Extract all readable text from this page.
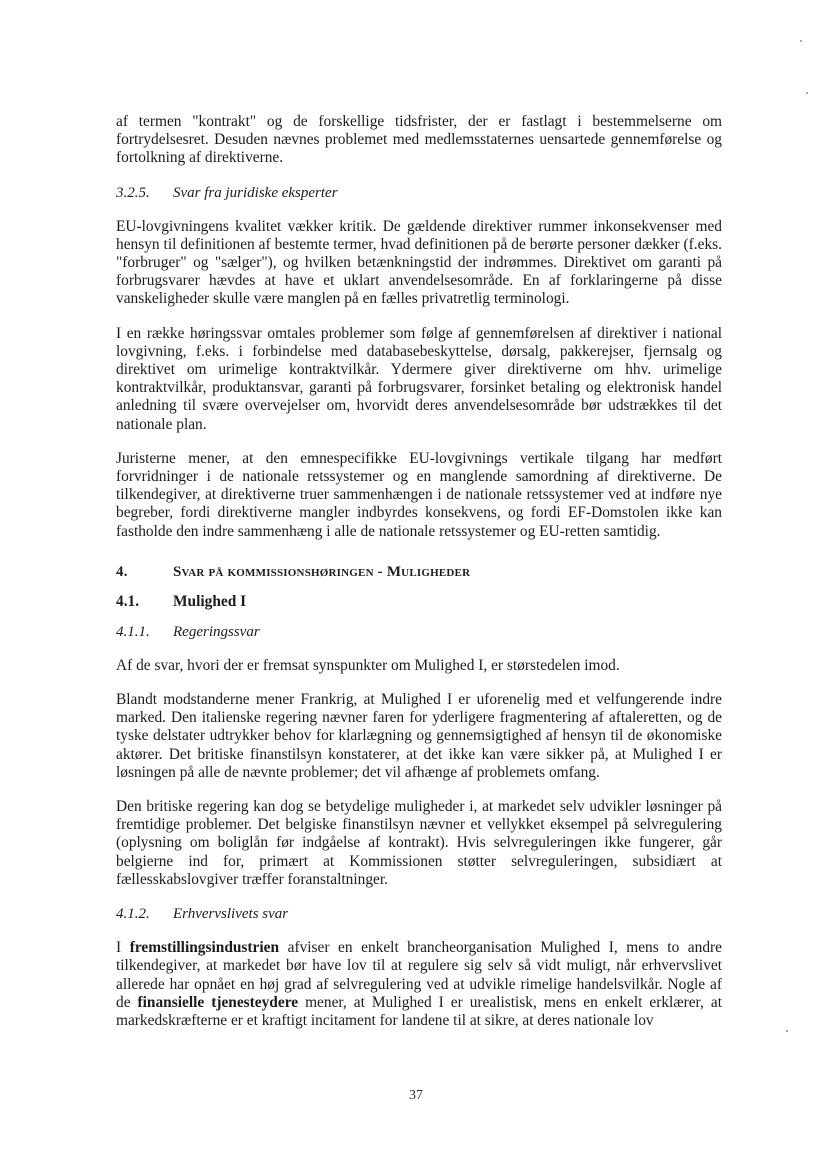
af termen "kontrakt" og de forskellige tidsfrister, der er fastlagt i bestemmelserne om fortrydelsesret. Desuden nævnes problemet med medlemsstaternes uensartede gennemførelse og fortolkning af direktiverne.

3.2.5.	Svar fra juridiske eksperter

EU-lovgivningens kvalitet vækker kritik. De gældende direktiver rummer inkonsekvenser med hensyn til definitionen af bestemte termer, hvad definitionen på de berørte personer dækker (f.eks. "forbruger" og "sælger"), og hvilken betænkningstid der indrømmes. Direktivet om garanti på forbrugsvarer hævdes at have et uklart anvendelsesområde. En af forklaringerne på disse vanskeligheder skulle være manglen på en fælles privatretlig terminologi.

I en række høringssvar omtales problemer som følge af gennemførelsen af direktiver i national lovgivning, f.eks. i forbindelse med databasebeskyttelse, dørsalg, pakkerejser, fjernsalg og direktivet om urimelige kontraktvilkår. Ydermere giver direktiverne om hhv. urimelige kontraktvilkår, produktansvar, garanti på forbrugsvarer, forsinket betaling og elektronisk handel anledning til svære overvejelser om, hvorvidt deres anvendelsesområde bør udstrækkes til det nationale plan.

Juristerne mener, at den emnespecifikke EU-lovgivnings vertikale tilgang har medført forvridninger i de nationale retssystemer og en manglende samordning af direktiverne. De tilkendegiver, at direktiverne truer sammenhængen i de nationale retssystemer ved at indføre nye begreber, fordi direktiverne mangler indbyrdes konsekvens, og fordi EF-Domstolen ikke kan fastholde den indre sammenhæng i alle de nationale retssystemer og EU-retten samtidig.

4.	Svar på kommissionshøringen - Muligheder

4.1.	Mulighed I

4.1.1.	Regeringssvar

Af de svar, hvori der er fremsat synspunkter om Mulighed I, er størstedelen imod.

Blandt modstanderne mener Frankrig, at Mulighed I er uforenelig med et velfungerende indre marked. Den italienske regering nævner faren for yderligere fragmentering af aftaleretten, og de tyske delstater udtrykker behov for klarlægning og gennemsigtighed af hensyn til de økonomiske aktører. Det britiske finanstilsyn konstaterer, at det ikke kan være sikker på, at Mulighed I er løsningen på alle de nævnte problemer; det vil afhænge af problemets omfang.

Den britiske regering kan dog se betydelige muligheder i, at markedet selv udvikler løsninger på fremtidige problemer. Det belgiske finanstilsyn nævner et vellykket eksempel på selvregulering (oplysning om boliglån før indgåelse af kontrakt). Hvis selvreguleringen ikke fungerer, går belgierne ind for, primært at Kommissionen støtter selvreguleringen, subsidiært at fællesskabslovgiver træffer foranstaltninger.

4.1.2.	Erhvervslivets svar

I fremstillingsindustrien afviser en enkelt brancheorganisation Mulighed I, mens to andre tilkendegiver, at markedet bør have lov til at regulere sig selv så vidt muligt, når erhvervslivet allerede har opnået en høj grad af selvregulering ved at udvikle rimelige handelsvilkår. Nogle af de finansielle tjenesteydere mener, at Mulighed I er urealistisk, mens en enkelt erklærer, at markedskræfterne er et kraftigt incitament for landene til at sikre, at deres nationale lov

37
